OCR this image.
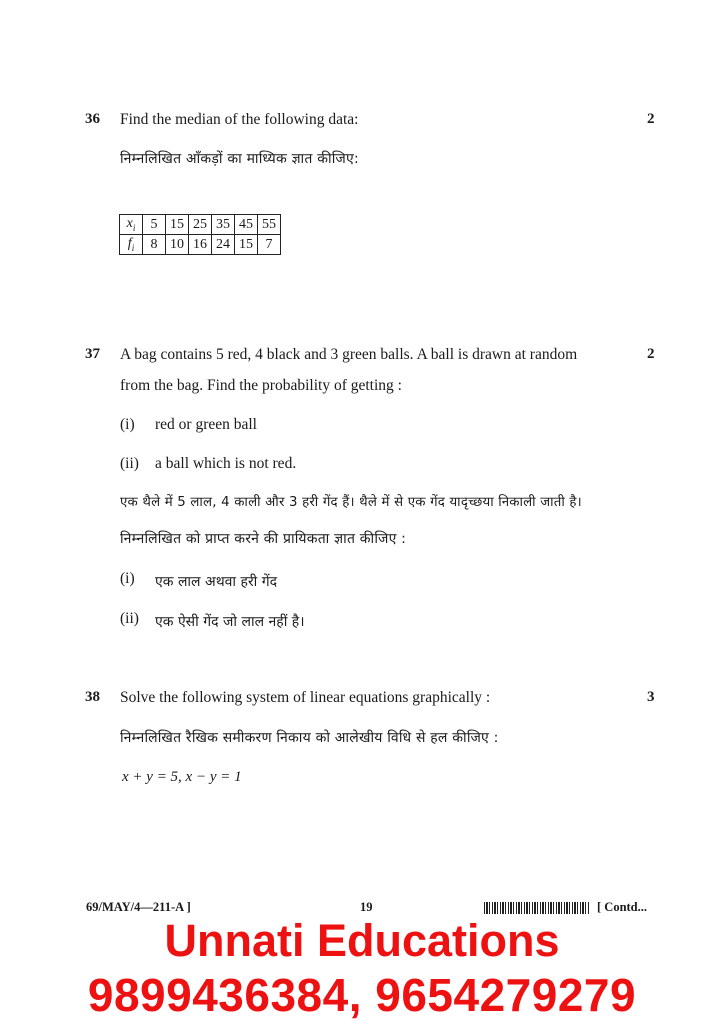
36 Find the median of the following data:	2
निम्नलिखित आँकड़ों का माध्यिक ज्ञात कीजिए:
$x_i$	5	15	25	35	45	55
$f_i$	8	10	16	24	15	7
37 A bag contains 5 red, 4 black and 3 green balls. A ball is drawn at random	2
from the bag. Find the probability of getting :
(i) red or green ball
(ii) a ball which is not red.
एक थैले में 5 लाल, 4 काली और 3 हरी गेंद हैं। थैले में से एक गेंद यादृच्छया निकाली जाती है।
निम्नलिखित को प्राप्त करने की प्रायिकता ज्ञात कीजिए :
(i) एक लाल अथवा हरी गेंद
(ii) एक ऐसी गेंद जो लाल नहीं है।
38 Solve the following system of linear equations graphically :	3
निम्नलिखित रैखिक समीकरण निकाय को आलेखीय विधि से हल कीजिए :
x + y = 5, x − y = 1
69/MAY/4—211-A ]	19	[ Contd...
Unnati Educations
9899436384, 9654279279
